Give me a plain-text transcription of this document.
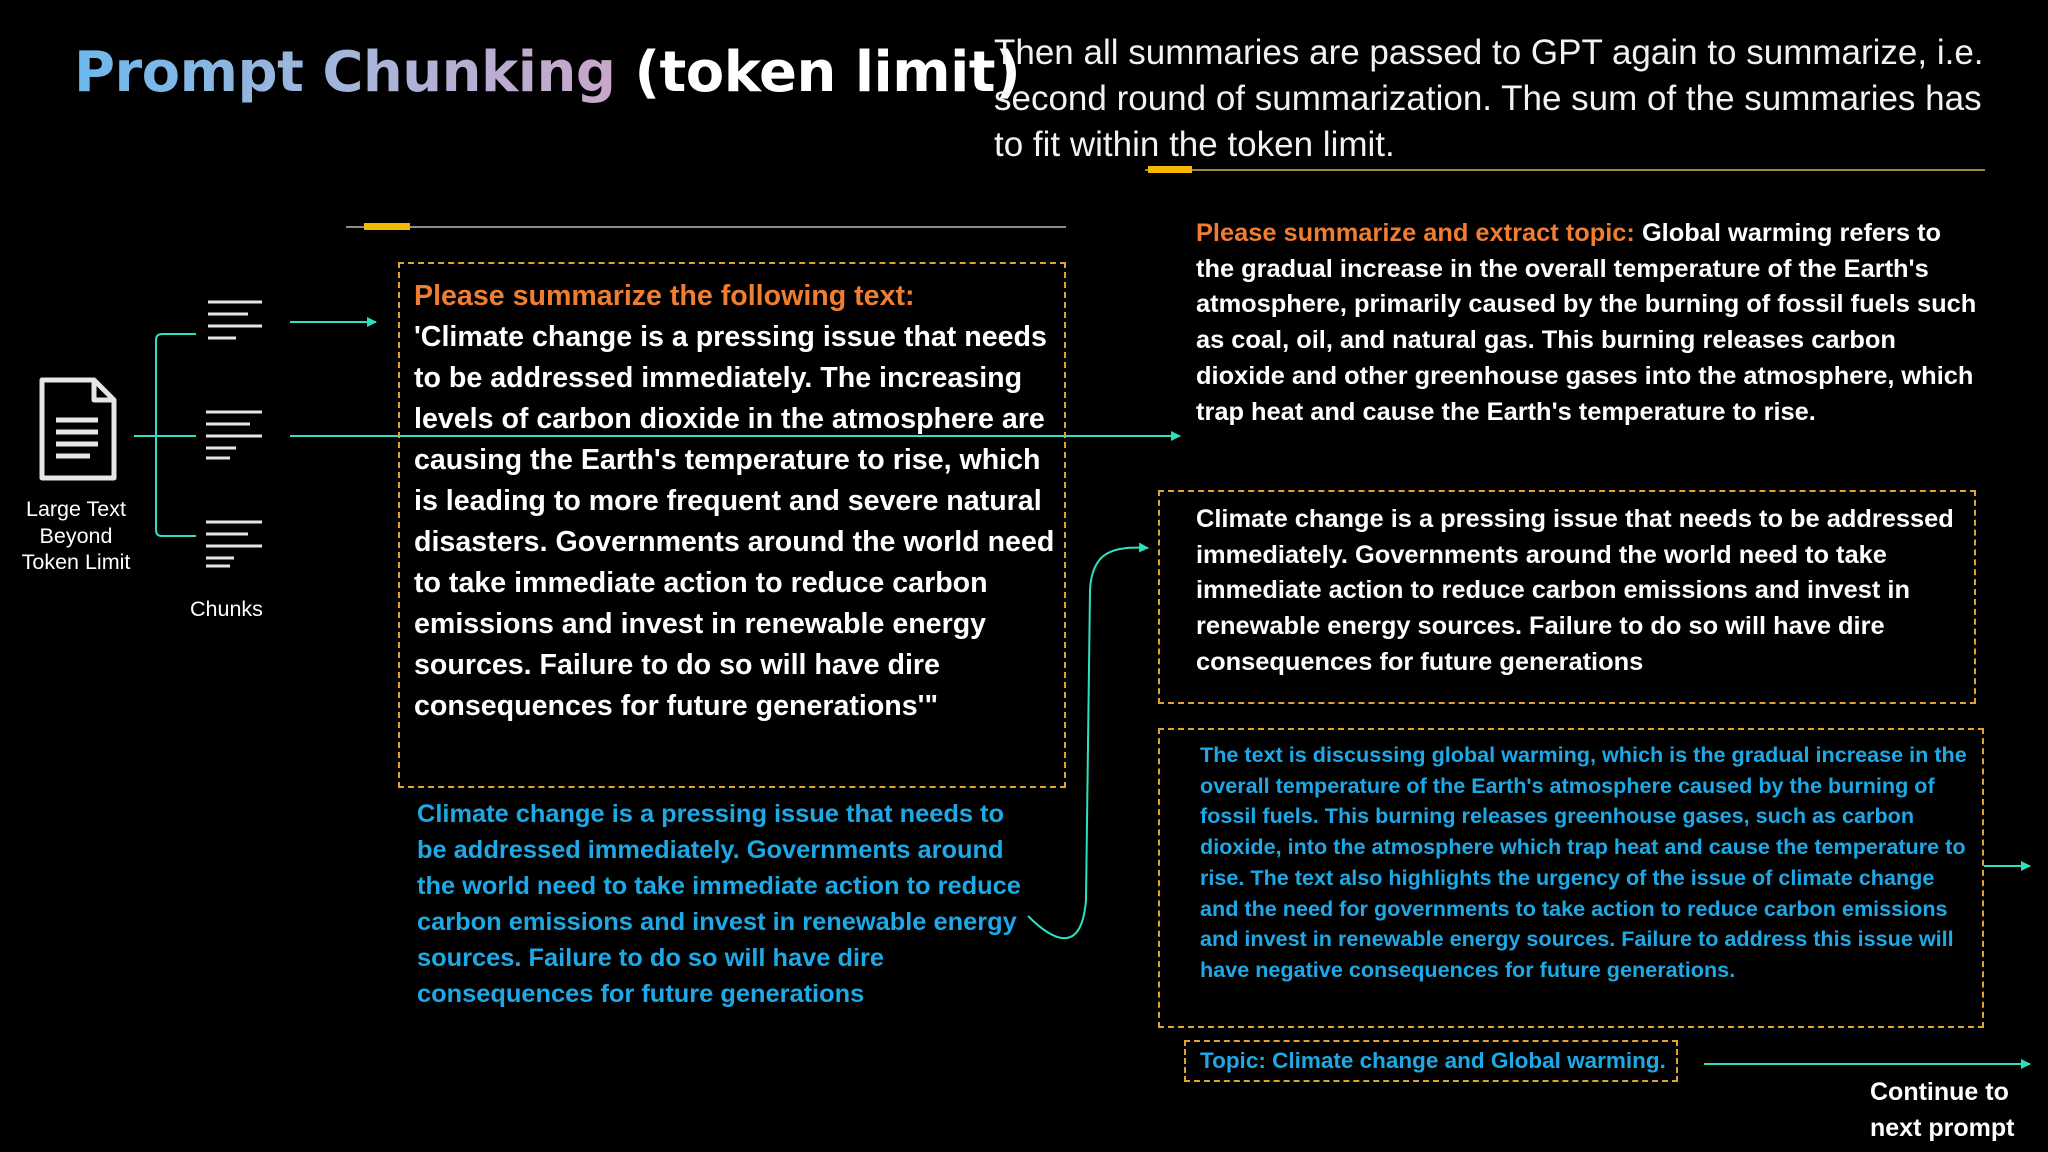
Prompt Chunking (token limit)
Then all summaries are passed to GPT again to summarize, i.e. second round of summarization. The sum of the summaries has to fit within the token limit.
Large Text Beyond Token Limit
Chunks
Please summarize the following text:
'Climate change is a pressing issue that needs to be addressed immediately. The increasing levels of carbon dioxide in the atmosphere are causing the Earth's temperature to rise, which is leading to more frequent and severe natural disasters. Governments around the world need to take immediate action to reduce carbon emissions and invest in renewable energy sources. Failure to do so will have dire consequences for future generations'"
Climate change is a pressing issue that needs to be addressed immediately. Governments around the world need to take immediate action to reduce carbon emissions and invest in renewable energy sources. Failure to do so will have dire consequences for future generations
Please summarize and extract topic: Global warming refers to the gradual increase in the overall temperature of the Earth's atmosphere, primarily caused by the burning of fossil fuels such as coal, oil, and natural gas. This burning releases carbon dioxide and other greenhouse gases into the atmosphere, which trap heat and cause the Earth's temperature to rise.
Climate change is a pressing issue that needs to be addressed immediately. Governments around the world need to take immediate action to reduce carbon emissions and invest in renewable energy sources. Failure to do so will have dire consequences for future generations
The text is discussing global warming, which is the gradual increase in the overall temperature of the Earth's atmosphere caused by the burning of fossil fuels. This burning releases greenhouse gases, such as carbon dioxide, into the atmosphere which trap heat and cause the temperature to rise. The text also highlights the urgency of the issue of climate change and the need for governments to take action to reduce carbon emissions and invest in renewable energy sources. Failure to address this issue will have negative consequences for future generations.
Topic: Climate change and Global warming.
Continue to next prompt
